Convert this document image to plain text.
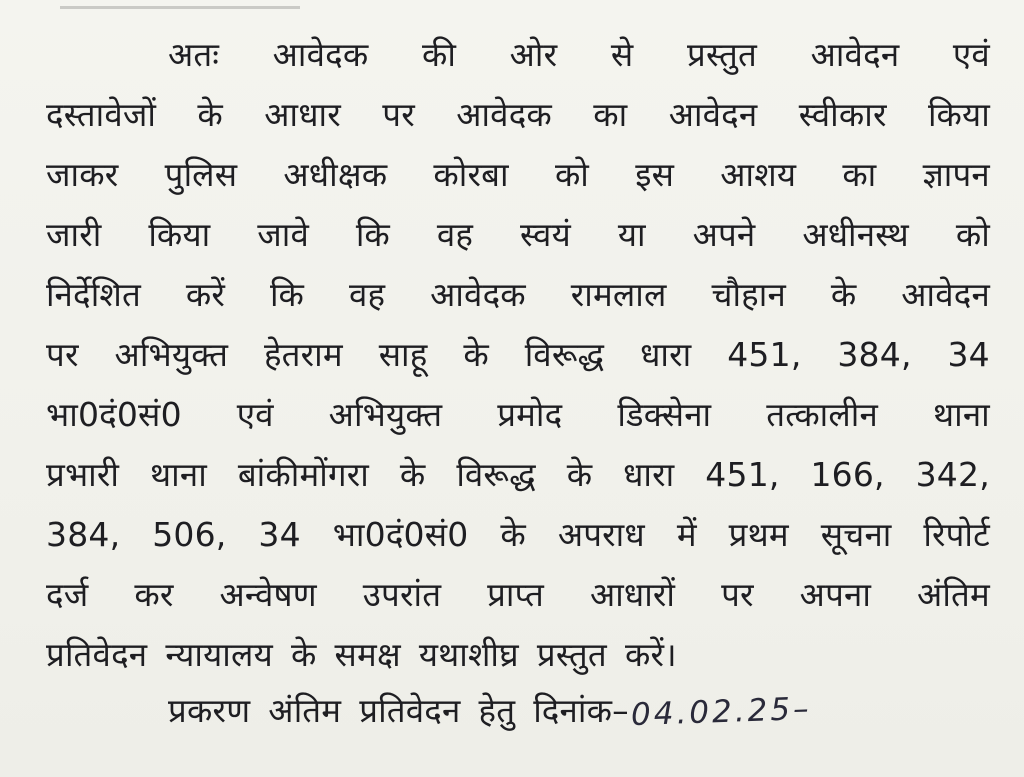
अतः आवेदक की ओर से प्रस्तुत आवेदन एवं
दस्तावेजों के आधार पर आवेदक का आवेदन स्वीकार किया
जाकर पुलिस अधीक्षक कोरबा को इस आशय का ज्ञापन
जारी किया जावे कि वह स्वयं या अपने अधीनस्थ को
निर्देशित करें कि वह आवेदक रामलाल चौहान के आवेदन
पर अभियुक्त हेतराम साहू के विरूद्ध धारा 451, 384, 34
भा0दं0सं0 एवं अभियुक्त प्रमोद डिक्सेना तत्कालीन थाना
प्रभारी थाना बांकीमोंगरा के विरूद्ध के धारा 451, 166, 342,
384, 506, 34 भा0दं0सं0 के अपराध में प्रथम सूचना रिपोर्ट
दर्ज कर अन्वेषण उपरांत प्राप्त आधारों पर अपना अंतिम
प्रतिवेदन न्यायालय के समक्ष यथाशीघ्र प्रस्तुत करें।
प्रकरण अंतिम प्रतिवेदन हेतु दिनांक– 04.02.25–
